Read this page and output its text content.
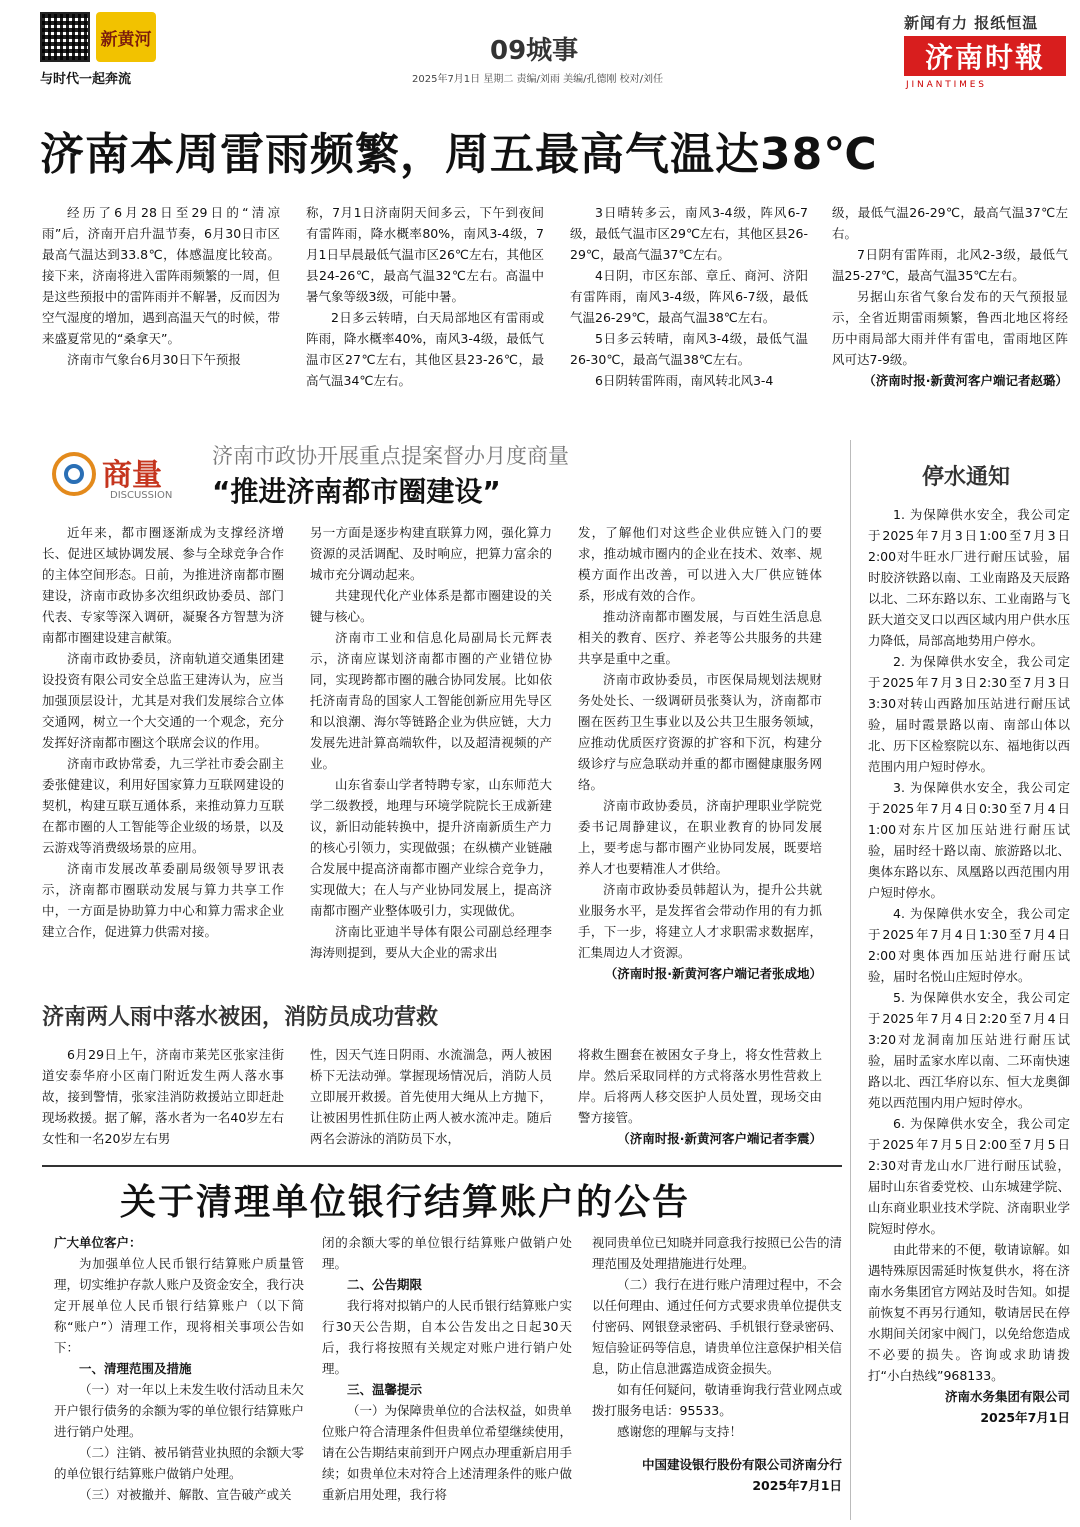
新黄河
与时代一起奔流
09城事
2025年7月1日 星期二 责编/刘雨 美编/孔德刚 校对/刘任
新闻有力 报纸恒温
济南时報
J I N A N T I M E S
济南本周雷雨频繁，周五最高气温达38℃

经历了6月28日至29日的“清凉雨”后，济南开启升温节奏，6月30日市区最高气温达到33.8℃，体感温度比较高。接下来，济南将进入雷阵雨频繁的一周，但是这些预报中的雷阵雨并不解暑，反而因为空气湿度的增加，遇到高温天气的时候，带来盛夏常见的“桑拿天”。

济南市气象台6月30日下午预报

称，7月1日济南阴天间多云，下午到夜间有雷阵雨，降水概率80%，南风3-4级，7月1日早晨最低气温市区26℃左右，其他区县24-26℃，最高气温32℃左右。高温中暑气象等级3级，可能中暑。

2日多云转晴，白天局部地区有雷雨或阵雨，降水概率40%，南风3-4级，最低气温市区27℃左右，其他区县23-26℃，最高气温34℃左右。

3日晴转多云，南风3-4级，阵风6-7级，最低气温市区29℃左右，其他区县26-29℃，最高气温37℃左右。

4日阴，市区东部、章丘、商河、济阳有雷阵雨，南风3-4级，阵风6-7级，最低气温26-29℃，最高气温38℃左右。

5日多云转晴，南风3-4级，最低气温26-30℃，最高气温38℃左右。

6日阴转雷阵雨，南风转北风3-4

级，最低气温26-29℃，最高气温37℃左右。

7日阴有雷阵雨，北风2-3级，最低气温25-27℃，最高气温35℃左右。

另据山东省气象台发布的天气预报显示，全省近期雷雨频繁，鲁西北地区将经历中雨局部大雨并伴有雷电，雷雨地区阵风可达7-9级。

（济南时报·新黄河客户端记者赵璐）

商量
DISCUSSION
济南市政协开展重点提案督办月度商量
“推进济南都市圈建设”

近年来，都市圈逐渐成为支撑经济增长、促进区域协调发展、参与全球竞争合作的主体空间形态。日前，为推进济南都市圈建设，济南市政协多次组织政协委员、部门代表、专家等深入调研，凝聚各方智慧为济南都市圈建设建言献策。

济南市政协委员，济南轨道交通集团建设投资有限公司安全总监王建涛认为，应当加强顶层设计，尤其是对我们发展综合立体交通网，树立一个大交通的一个观念，充分发挥好济南都市圈这个联席会议的作用。

济南市政协常委，九三学社市委会副主委张健建议，利用好国家算力互联网建设的契机，构建互联互通体系，来推动算力互联在都市圈的人工智能等企业级的场景，以及云游戏等消费级场景的应用。

济南市发展改革委副局级领导罗讯表示，济南都市圈联动发展与算力共享工作中，一方面是协助算力中心和算力需求企业建立合作，促进算力供需对接。

另一方面是逐步构建直联算力网，强化算力资源的灵活调配、及时响应，把算力富余的城市充分调动起来。

共建现代化产业体系是都市圈建设的关键与核心。

济南市工业和信息化局副局长元辉表示，济南应谋划济南都市圈的产业错位协同，实现跨都市圈的融合协同发展。比如依托济南青岛的国家人工智能创新应用先导区和以浪潮、海尔等链路企业为供应链，大力发展先进計算高端软件，以及超清视频的产业。

山东省泰山学者特聘专家，山东师范大学二级教授，地理与环境学院院长王成新建议，新旧动能转换中，提升济南新质生产力的核心引领力，实现做强；在纵横产业链融合发展中提高济南都市圈产业综合竞争力，实现做大；在人与产业协同发展上，提高济南都市圈产业整体吸引力，实现做优。

济南比亚迪半导体有限公司副总经理李海涛则提到，要从大企业的需求出

发，了解他们对这些企业供应链入门的要求，推动城市圈内的企业在技术、效率、规模方面作出改善，可以进入大厂供应链体系，形成有效的合作。

推动济南都市圈发展，与百姓生活息息相关的教育、医疗、养老等公共服务的共建共享是重中之重。

济南市政协委员，市医保局规划法规财务处处长、一级调研员张葵认为，济南都市圈在医药卫生事业以及公共卫生服务领域，应推动优质医疗资源的扩容和下沉，构建分级诊疗与应急联动并重的都市圈健康服务网络。

济南市政协委员，济南护理职业学院党委书记周静建议，在职业教育的协同发展上，要考虑与都市圈产业协同发展，既要培养人才也要精准人才供给。

济南市政协委员韩超认为，提升公共就业服务水平，是发挥省会带动作用的有力抓手，下一步，将建立人才求职需求数据库，汇集周边人才资源。

（济南时报·新黄河客户端记者张成地）

济南两人雨中落水被困，消防员成功营救

6月29日上午，济南市莱芜区张家洼街道安泰华府小区南门附近发生两人落水事故，接到警情，张家洼消防救援站立即赶赴现场救援。据了解，落水者为一名40岁左右女性和一名20岁左右男

性，因天气连日阴雨、水流湍急，两人被困桥下无法动弹。掌握现场情况后，消防人员立即展开救援。首先使用大绳从上方抛下，让被困男性抓住防止两人被水流冲走。随后两名会游泳的消防员下水，

将救生圈套在被困女子身上，将女性营救上岸。然后采取同样的方式将落水男性营救上岸。后将两人移交医护人员处置，现场交由警方接管。

（济南时报·新黄河客户端记者李震）

关于清理单位银行结算账户的公告

广大单位客户：

为加强单位人民币银行结算账户质量管理，切实维护存款人账户及资金安全，我行决定开展单位人民币银行结算账户（以下简称“账户”）清理工作，现将相关事项公告如下：

一、清理范围及措施

（一）对一年以上未发生收付活动且未欠开户银行债务的余额为零的单位银行结算账户进行销户处理。

（二）注销、被吊销营业执照的余额大零的单位银行结算账户做销户处理。

（三）对被撤并、解散、宣告破产或关

闭的余额大零的单位银行结算账户做销户处理。

二、公告期限

我行将对拟销户的人民币银行结算账户实行30天公告期，自本公告发出之日起30天后，我行将按照有关规定对账户进行销户处理。

三、温馨提示

（一）为保障贵单位的合法权益，如贵单位账户符合清理条件但贵单位希望继续使用，请在公告期结束前到开户网点办理重新启用手续；如贵单位未对符合上述清理条件的账户做重新启用处理，我行将

视同贵单位已知晓并同意我行按照已公告的清理范围及处理措施进行处理。

（二）我行在进行账户清理过程中，不会以任何理由、通过任何方式要求贵单位提供支付密码、网银登录密码、手机银行登录密码、短信验证码等信息，请贵单位注意保护相关信息，防止信息泄露造成资金损失。

如有任何疑问，敬请垂询我行营业网点或拨打服务电话：95533。

感谢您的理解与支持！

中国建设银行股份有限公司济南分行

2025年7月1日

停水通知

1. 为保障供水安全，我公司定于2025年7月3日1:00至7月3日2:00对牛旺水厂进行耐压试验，届时胶济铁路以南、工业南路及天辰路以北、二环东路以东、工业南路与飞跃大道交叉口以西区域内用户供水压力降低，局部高地势用户停水。

2. 为保障供水安全，我公司定于2025年7月3日2:30至7月3日3:30对转山西路加压站进行耐压试验，届时霞景路以南、南部山体以北、历下区检察院以东、福地街以西范围内用户短时停水。

3. 为保障供水安全，我公司定于2025年7月4日0:30至7月4日1:00对东片区加压站进行耐压试验，届时经十路以南、旅游路以北、奥体东路以东、凤凰路以西范围内用户短时停水。

4. 为保障供水安全，我公司定于2025年7月4日1:30至7月4日2:00对奥体西加压站进行耐压试验，届时名悦山庄短时停水。

5. 为保障供水安全，我公司定于2025年7月4日2:20至7月4日3:20对龙洞南加压站进行耐压试验，届时孟家水库以南、二环南快速路以北、西江华府以东、恒大龙奥御苑以西范围内用户短时停水。

6. 为保障供水安全，我公司定于2025年7月5日2:00至7月5日2:30对青龙山水厂进行耐压试验，届时山东省委党校、山东城建学院、山东商业职业技术学院、济南职业学院短时停水。

由此带来的不便，敬请谅解。如遇特殊原因需延时恢复供水，将在济南水务集团官方网站及时告知。如提前恢复不再另行通知，敬请居民在停水期间关闭家中阀门，以免给您造成不必要的损失。咨询或求助请拨打“小白热线”968133。

济南水务集团有限公司

2025年7月1日
